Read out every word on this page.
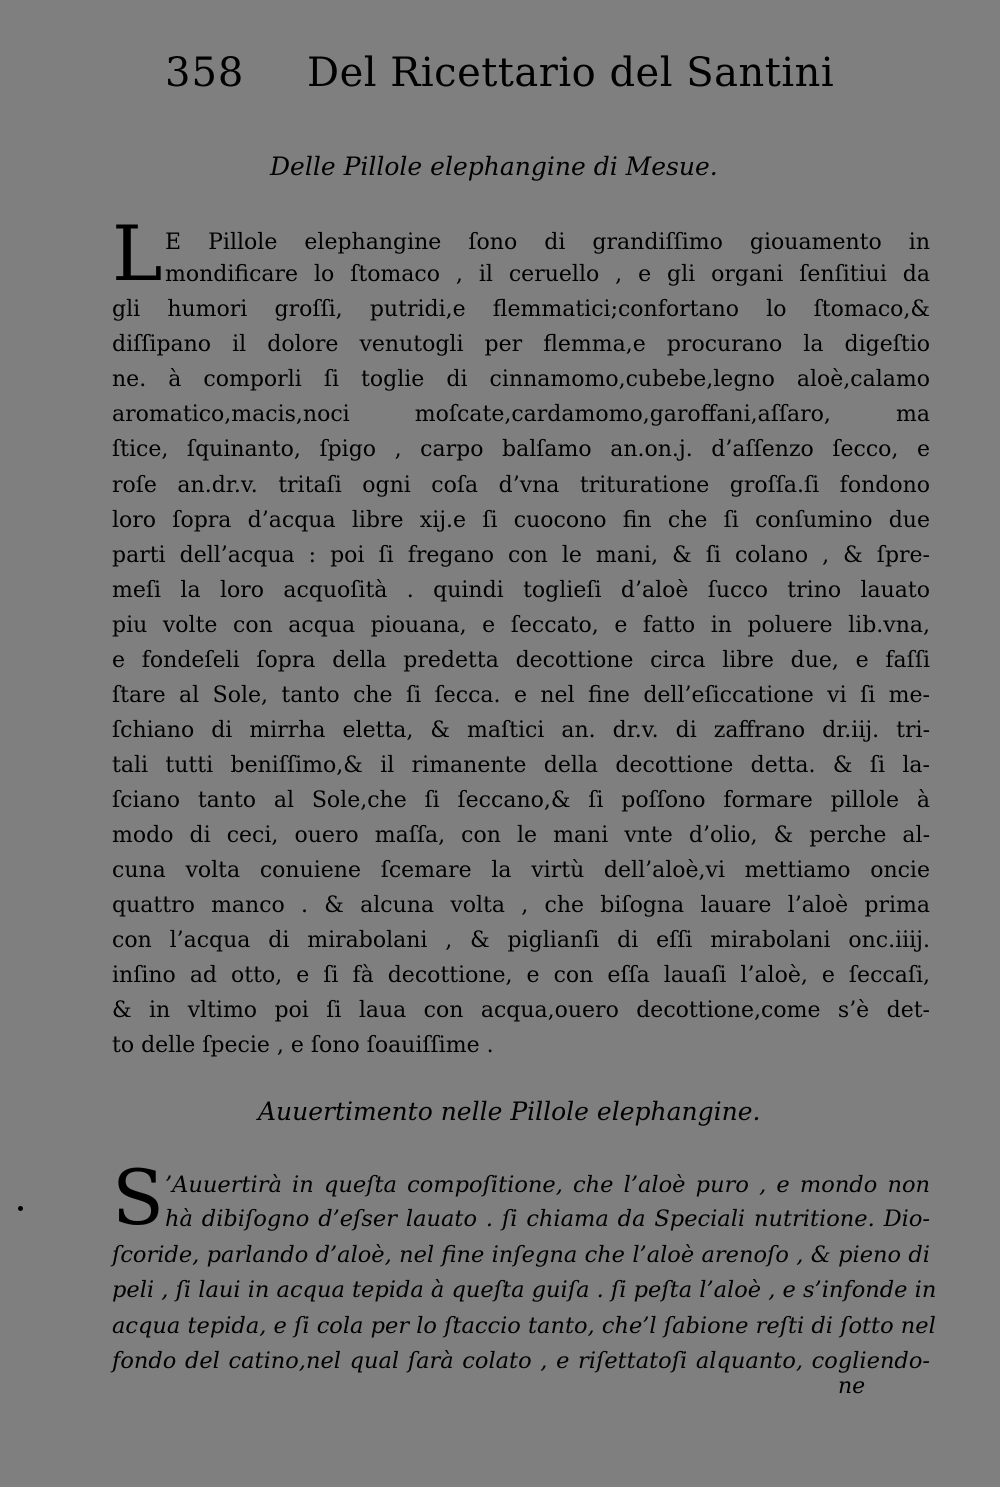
358 Del Ricettario del Santini
Delle Pillole elephangine di Mesue.
L E Pillole elephangine ſono di grandiſſimo giouamento in
mondificare lo ſtomaco , il ceruello , e gli organi ſenſitiui da
gli humori groſſi, putridi,e flemmatici;confortano lo ſtomaco,&
diſſipano il dolore venutogli per flemma,e procurano la digeſtio
ne. à comporli ſi toglie di cinnamomo,cubebe,legno aloè,calamo
aromatico,macis,noci moſcate,cardamomo,garoffani,aſſaro, ma
ſtice, ſquinanto, ſpigo , carpo balſamo an.on.j. d’aſſenzo ſecco, e
roſe an.dr.v. tritaſi ogni coſa d’vna trituratione groſſa.ſi fondono
loro ſopra d’acqua libre xij.e ſi cuocono fin che ſi conſumino due
parti dell’acqua : poi ſi fregano con le mani, & ſi colano , & ſpre-
meſi la loro acquoſità . quindi toglieſi d’aloè ſucco trino lauato
piu volte con acqua piouana, e ſeccato, e fatto in poluere lib.vna,
e fondeſeli ſopra della predetta decottione circa libre due, e faſſi
ſtare al Sole, tanto che ſi ſecca. e nel fine dell’eſiccatione vi ſi me-
ſchiano di mirrha eletta, & maſtici an. dr.v. di zaffrano dr.iij. tri-
tali tutti beniſſimo,& il rimanente della decottione detta. & ſi la-
ſciano tanto al Sole,che ſi ſeccano,& ſi poſſono formare pillole à
modo di ceci, ouero maſſa, con le mani vnte d’olio, & perche al-
cuna volta conuiene ſcemare la virtù dell’aloè,vi mettiamo oncie
quattro manco . & alcuna volta , che biſogna lauare l’aloè prima
con l’acqua di mirabolani , & piglianſi di eſſi mirabolani onc.iiij.
inſino ad otto, e ſi fà decottione, e con eſſa lauaſi l’aloè, e ſeccaſi,
& in vltimo poi ſi laua con acqua,ouero decottione,come s’è det-
to delle ſpecie , e ſono ſoauiſſime .
Auuertimento nelle Pillole elephangine.
S ’Auuertirà in queſta compoſitione, che l’aloè puro , e mondo non
hà dibiſogno d’eſser lauato . ſi chiama da Speciali nutritione. Dio-
ſcoride, parlando d’aloè, nel fine inſegna che l’aloè arenoſo , & pieno di
peli , ſi laui in acqua tepida à queſta guiſa . ſi peſta l’aloè , e s’infonde in
acqua tepida, e ſi cola per lo ſtaccio tanto, che’l ſabione reſti di ſotto nel
fondo del catino,nel qual ſarà colato , e riſettatoſi alquanto, cogliendo-
ne
